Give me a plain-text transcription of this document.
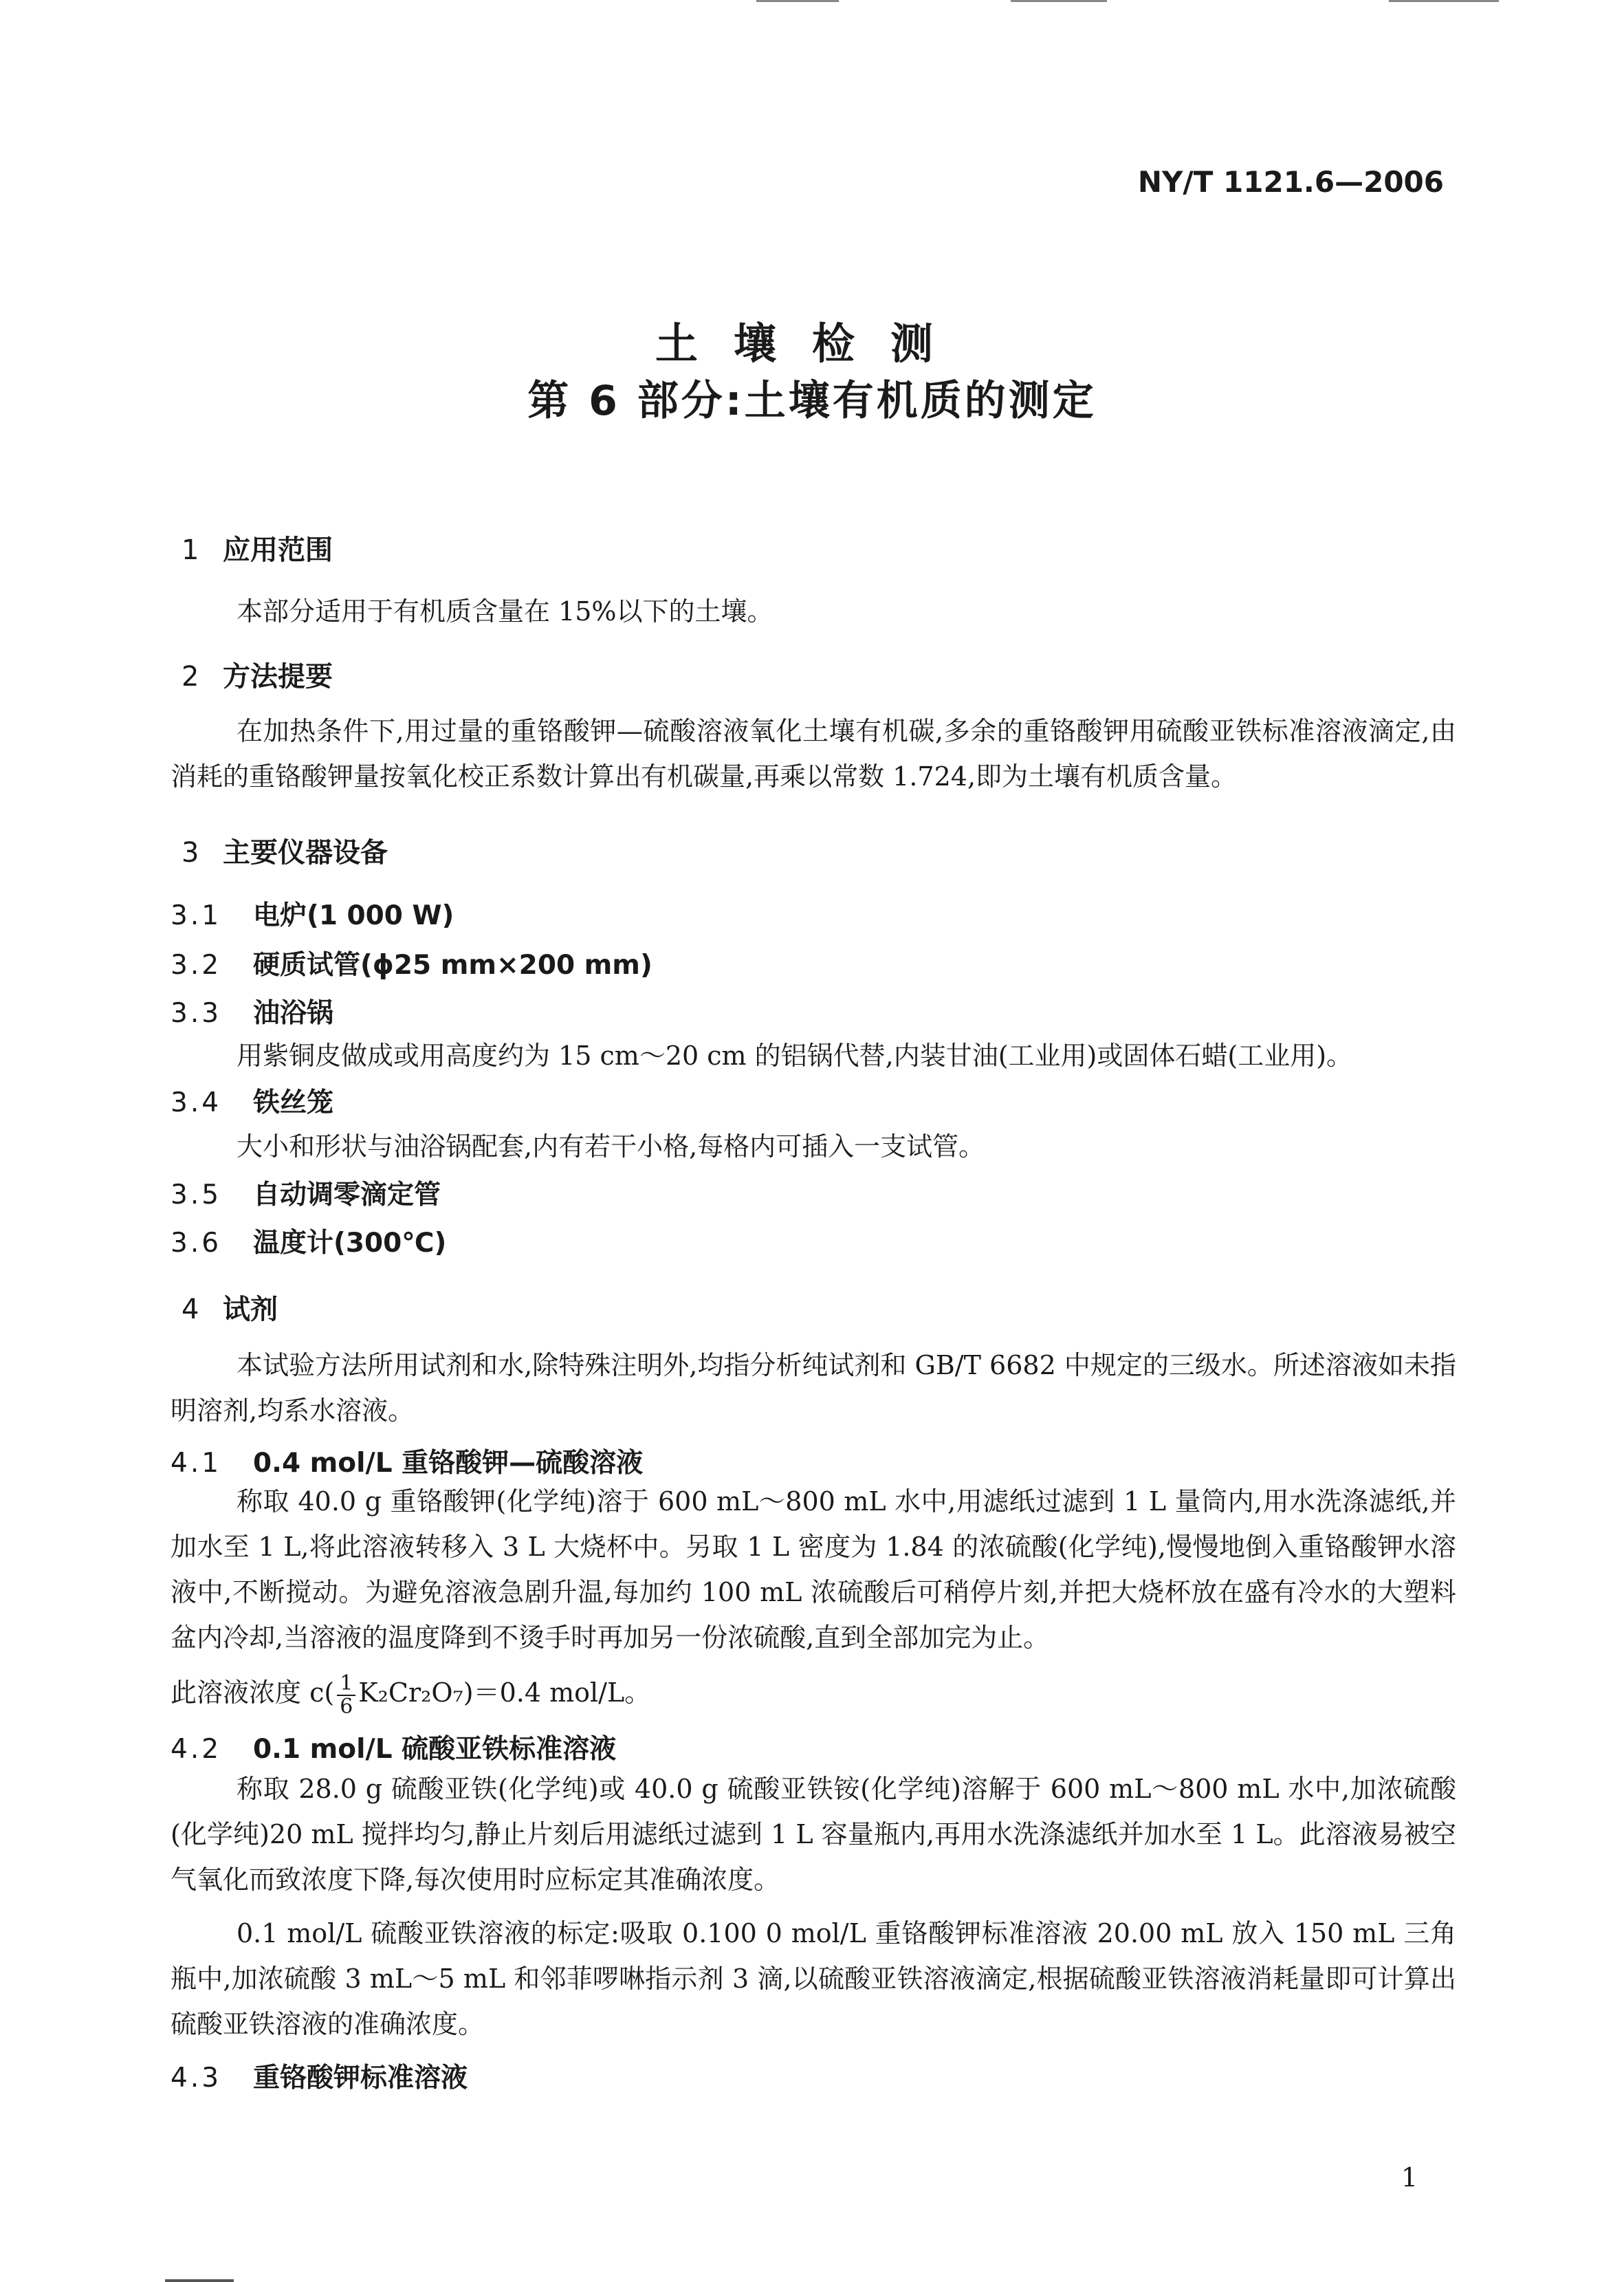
NY/T 1121.6—2006
土壤检测
第 6 部分:土壤有机质的测定
1 应用范围
本部分适用于有机质含量在 15%以下的土壤。
2 方法提要
在加热条件下,用过量的重铬酸钾—硫酸溶液氧化土壤有机碳,多余的重铬酸钾用硫酸亚铁标准溶液滴定,由消耗的重铬酸钾量按氧化校正系数计算出有机碳量,再乘以常数 1.724,即为土壤有机质含量。
3 主要仪器设备
3.1 电炉(1 000 W)
3.2 硬质试管(ϕ25 mm×200 mm)
3.3 油浴锅
用紫铜皮做成或用高度约为 15 cm～20 cm 的铝锅代替,内装甘油(工业用)或固体石蜡(工业用)。
3.4 铁丝笼
大小和形状与油浴锅配套,内有若干小格,每格内可插入一支试管。
3.5 自动调零滴定管
3.6 温度计(300℃)
4 试剂
本试验方法所用试剂和水,除特殊注明外,均指分析纯试剂和 GB/T 6682 中规定的三级水。所述溶液如未指明溶剂,均系水溶液。
4.1 0.4 mol/L 重铬酸钾—硫酸溶液
称取 40.0 g 重铬酸钾(化学纯)溶于 600 mL～800 mL 水中,用滤纸过滤到 1 L 量筒内,用水洗涤滤纸,并加水至 1 L,将此溶液转移入 3 L 大烧杯中。另取 1 L 密度为 1.84 的浓硫酸(化学纯),慢慢地倒入重铬酸钾水溶液中,不断搅动。为避免溶液急剧升温,每加约 100 mL 浓硫酸后可稍停片刻,并把大烧杯放在盛有冷水的大塑料盆内冷却,当溶液的温度降到不烫手时再加另一份浓硫酸,直到全部加完为止。
此溶液浓度 $c( \frac{1}{6} K_2Cr_2O_7)=0.4$ mol/L。
4.2 0.1 mol/L 硫酸亚铁标准溶液
称取 28.0 g 硫酸亚铁(化学纯)或 40.0 g 硫酸亚铁铵(化学纯)溶解于 600 mL～800 mL 水中,加浓硫酸(化学纯)20 mL 搅拌均匀,静止片刻后用滤纸过滤到 1 L 容量瓶内,再用水洗涤滤纸并加水至 1 L。此溶液易被空气氧化而致浓度下降,每次使用时应标定其准确浓度。
0.1 mol/L 硫酸亚铁溶液的标定:吸取 0.100 0 mol/L 重铬酸钾标准溶液 20.00 mL 放入 150 mL 三角瓶中,加浓硫酸 3 mL～5 mL 和邻菲啰啉指示剂 3 滴,以硫酸亚铁溶液滴定,根据硫酸亚铁溶液消耗量即可计算出硫酸亚铁溶液的准确浓度。
4.3 重铬酸钾标准溶液
1
